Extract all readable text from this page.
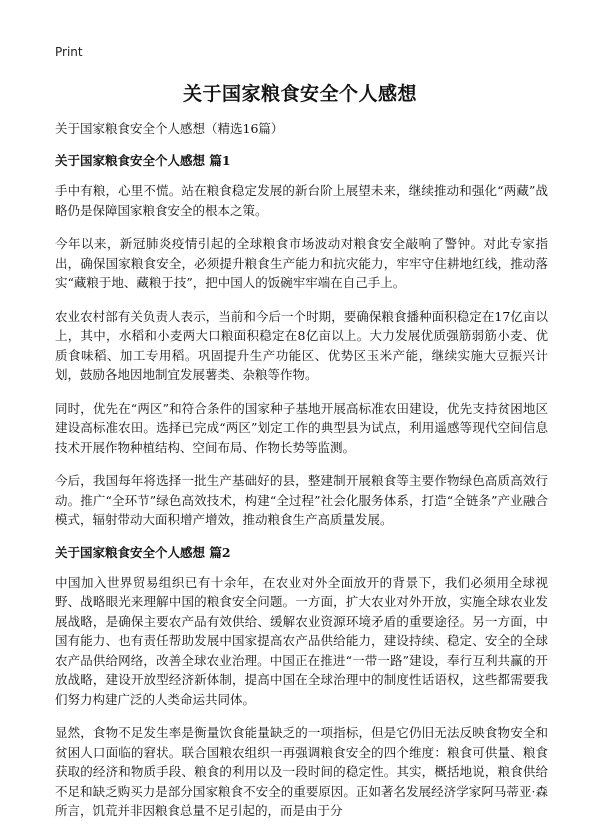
Print
关于国家粮食安全个人感想

关于国家粮食安全个人感想（精选16篇）

关于国家粮食安全个人感想 篇1

手中有粮，心里不慌。站在粮食稳定发展的新台阶上展望未来，继续推动和强化“两藏”战略仍是保障国家粮食安全的根本之策。

今年以来，新冠肺炎疫情引起的全球粮食市场波动对粮食安全敲响了警钟。对此专家指出，确保国家粮食安全，必须提升粮食生产能力和抗灾能力，牢牢守住耕地红线，推动落实“藏粮于地、藏粮于技”，把中国人的饭碗牢牢端在自己手上。

农业农村部有关负责人表示，当前和今后一个时期，要确保粮食播种面积稳定在17亿亩以上，其中，水稻和小麦两大口粮面积稳定在8亿亩以上。大力发展优质强筋弱筋小麦、优质食味稻、加工专用稻。巩固提升生产功能区、优势区玉米产能，继续实施大豆振兴计划，鼓励各地因地制宜发展薯类、杂粮等作物。

同时，优先在“两区”和符合条件的国家种子基地开展高标准农田建设，优先支持贫困地区建设高标准农田。选择已完成“两区”划定工作的典型县为试点，利用遥感等现代空间信息技术开展作物种植结构、空间布局、作物长势等监测。

今后，我国每年将选择一批生产基础好的县，整建制开展粮食等主要作物绿色高质高效行动。推广“全环节”绿色高效技术，构建“全过程”社会化服务体系，打造“全链条”产业融合模式，辐射带动大面积增产增效，推动粮食生产高质量发展。

关于国家粮食安全个人感想 篇2

中国加入世界贸易组织已有十余年，在农业对外全面放开的背景下，我们必须用全球视野、战略眼光来理解中国的粮食安全问题。一方面，扩大农业对外开放，实施全球农业发展战略，是确保主要农产品有效供给、缓解农业资源环境矛盾的重要途径。另一方面，中国有能力、也有责任帮助发展中国家提高农产品供给能力，建设持续、稳定、安全的全球农产品供给网络，改善全球农业治理。中国正在推进“一带一路”建设，奉行互利共赢的开放战略，建设开放型经济新体制，提高中国在全球治理中的制度性话语权，这些都需要我们努力构建广泛的人类命运共同体。

显然，食物不足发生率是衡量饮食能量缺乏的一项指标，但是它仍旧无法反映食物安全和贫困人口面临的窘状。联合国粮农组织一再强调粮食安全的四个维度：粮食可供量、粮食获取的经济和物质手段、粮食的利用以及一段时间的稳定性。其实，概括地说，粮食供给不足和缺乏购买力是部分国家粮食不安全的重要原因。正如著名发展经济学家阿马蒂亚·森所言，饥荒并非因粮食总量不足引起的，而是由于分
